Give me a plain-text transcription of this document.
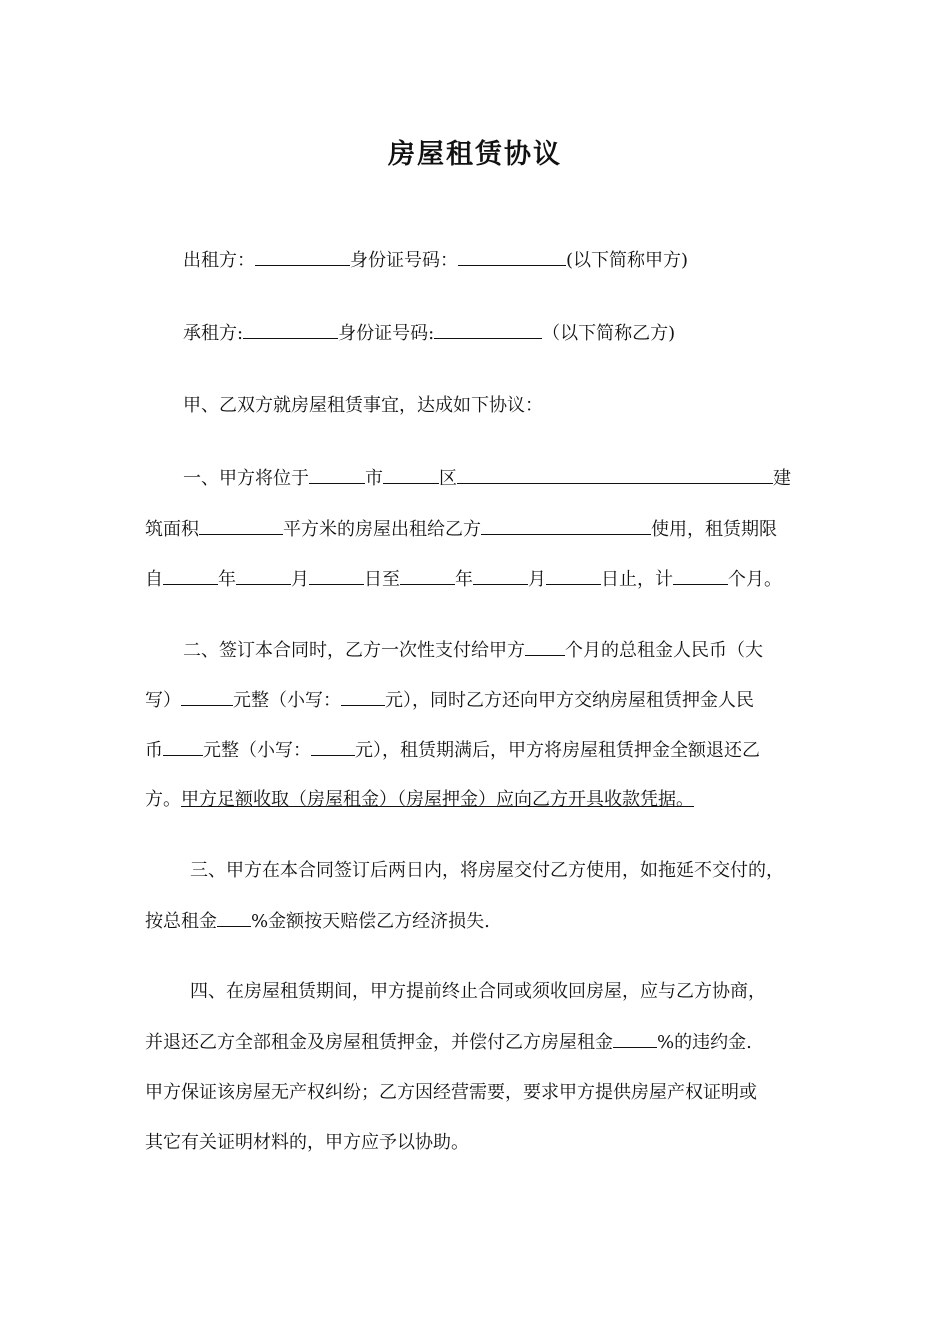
房屋租赁协议
出租方：	身份证号码：	(以下简称甲方)
承租方:	身份证号码:	（以下简称乙方)
甲、乙双方就房屋租赁事宜，达成如下协议：
一、甲方将位于	市	区	建
筑面积	平方米的房屋出租给乙方	使用，租赁期限
自	年	月	日至	年	月	日止，计	个月。
二、签订本合同时，乙方一次性支付给甲方 个月的总租金人民币（大
写）	元整（小写： 元），同时乙方还向甲方交纳房屋租赁押金人民
币 元整（小写： 元），租赁期满后，甲方将房屋租赁押金全额退还乙
方。甲方足额收取（房屋租金）（房屋押金）应向乙方开具收款凭据。
三、甲方在本合同签订后两日内，将房屋交付乙方使用，如拖延不交付的，
按总租金 %金额按天赔偿乙方经济损失.
四、在房屋租赁期间，甲方提前终止合同或须收回房屋，应与乙方协商，
并退还乙方全部租金及房屋租赁押金，并偿付乙方房屋租金 %的违约金.
甲方保证该房屋无产权纠纷；乙方因经营需要，要求甲方提供房屋产权证明或
其它有关证明材料的，甲方应予以协助。
